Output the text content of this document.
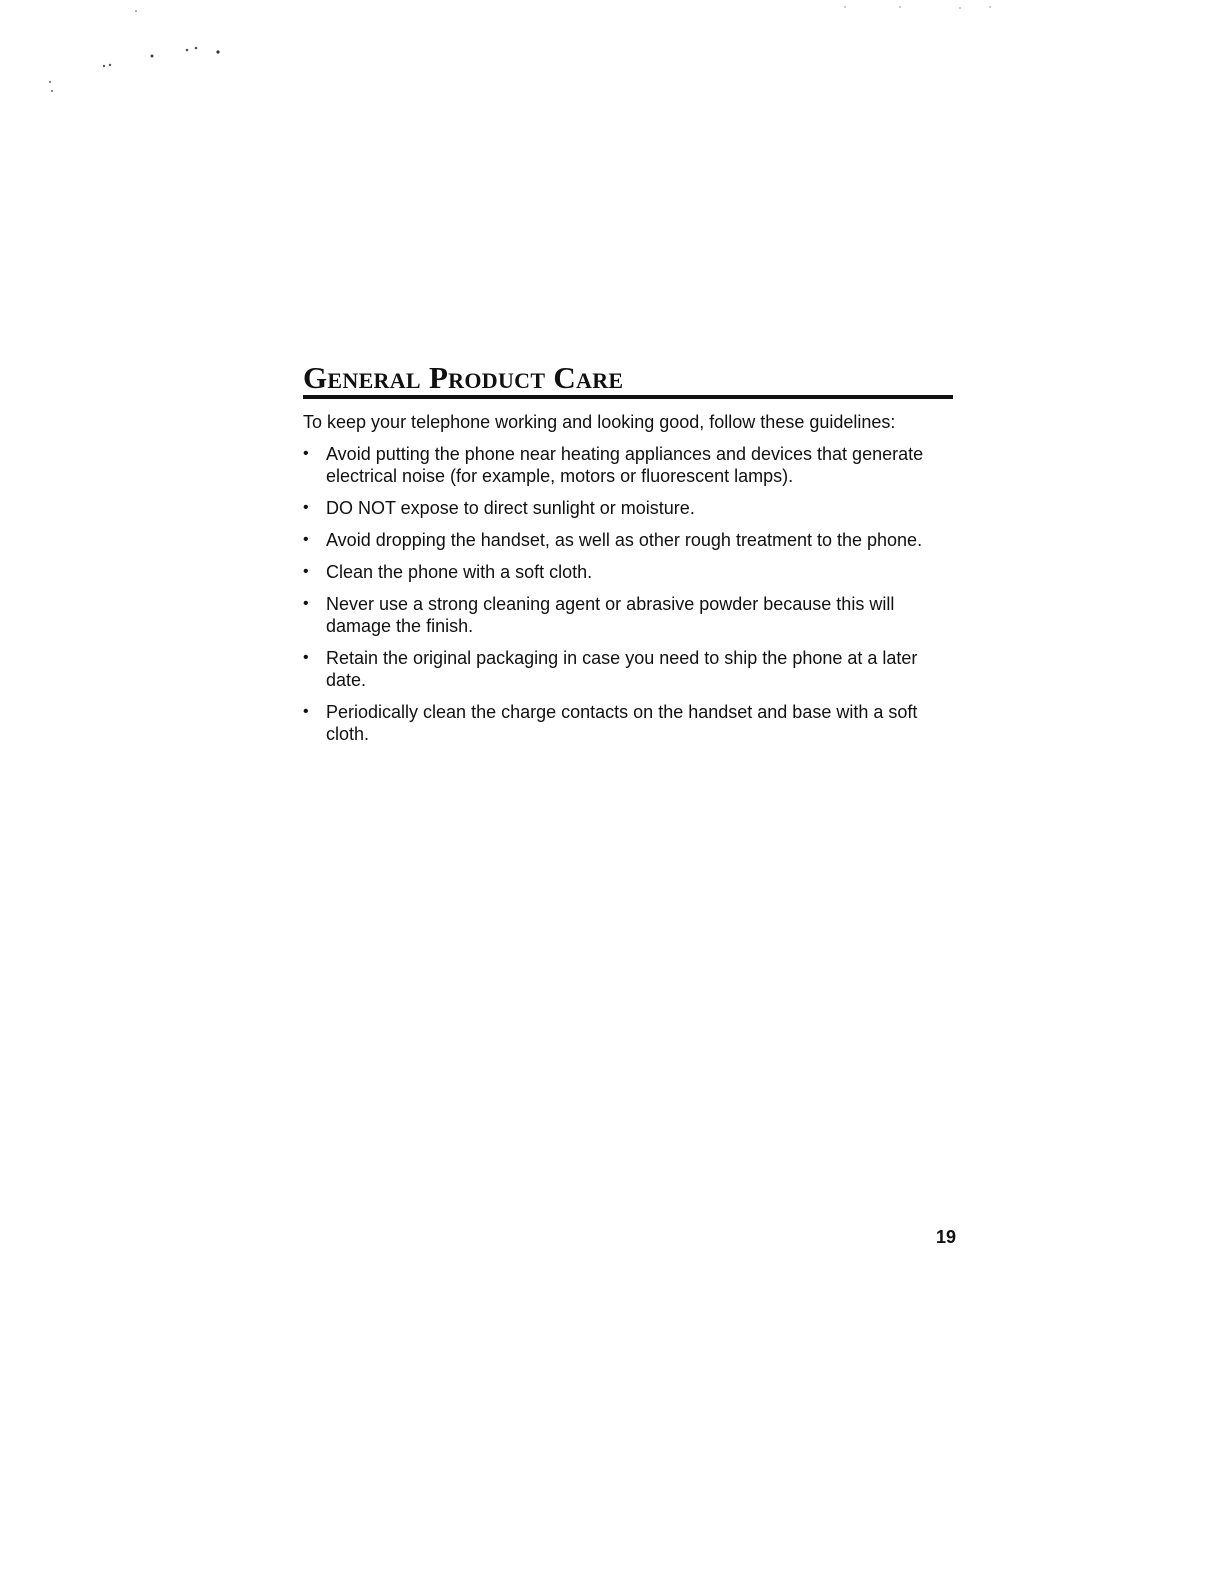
General Product Care

To keep your telephone working and looking good, follow these guidelines:

• Avoid putting the phone near heating appliances and devices that generate electrical noise (for example, motors or fluorescent lamps).
• DO NOT expose to direct sunlight or moisture.
• Avoid dropping the handset, as well as other rough treatment to the phone.
• Clean the phone with a soft cloth.
• Never use a strong cleaning agent or abrasive powder because this will damage the finish.
• Retain the original packaging in case you need to ship the phone at a later date.
• Periodically clean the charge contacts on the handset and base with a soft cloth.
19
